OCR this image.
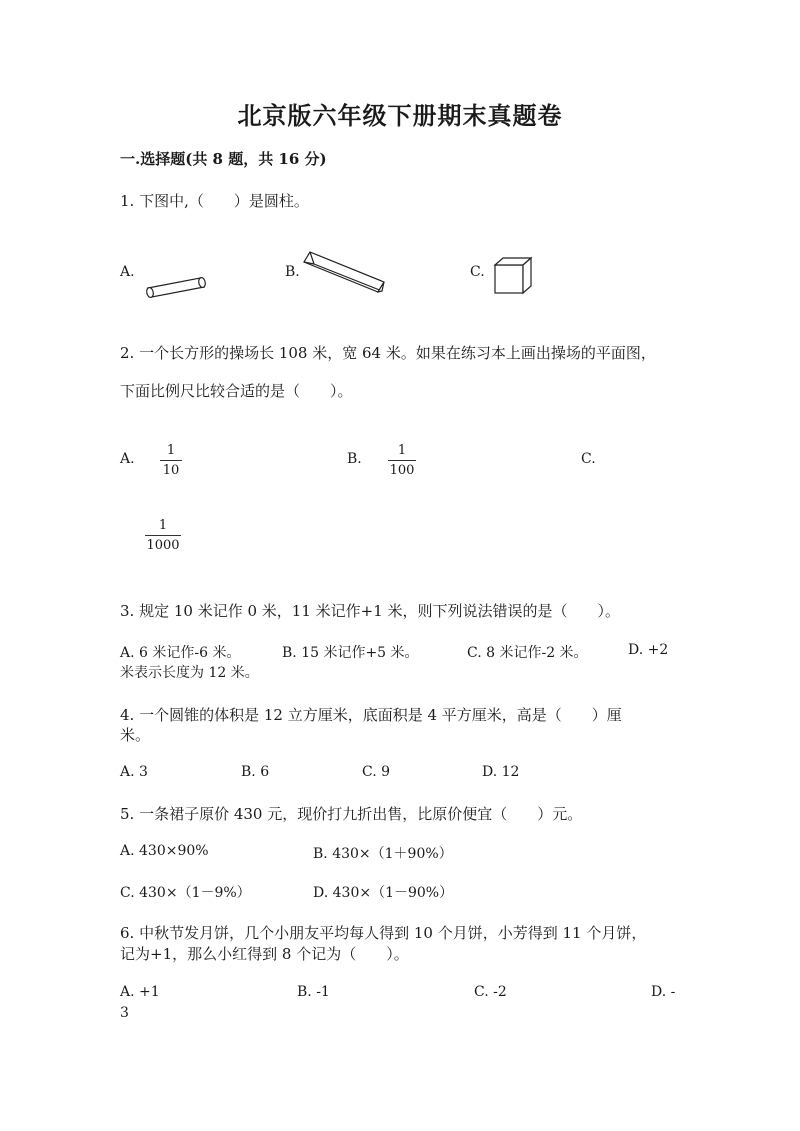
北京版六年级下册期末真题卷
一.选择题(共 8 题，共 16 分)
1. 下图中,（　　）是圆柱。
A.	B.	C.
2. 一个长方形的操场长 108 米，宽 64 米。如果在练习本上画出操场的平面图，
下面比例尺比较合适的是（　　）。
A.
1
10
B.
1
100
C.
1
1000
3. 规定 10 米记作 0 米，11 米记作+1 米，则下列说法错误的是（　　）。
A. 6 米记作-6 米。	B. 15 米记作+5 米。	C. 8 米记作-2 米。	D. +2
米表示长度为 12 米。
4. 一个圆锥的体积是 12 立方厘米，底面积是 4 平方厘米，高是（　　）厘
米。
A. 3	B. 6	C. 9	D. 12
5. 一条裙子原价 430 元，现价打九折出售，比原价便宜（　　）元。
A. 430×90%	B. 430×（1＋90%）
C. 430×（1－9%）	D. 430×（1－90%）
6. 中秋节发月饼，几个小朋友平均每人得到 10 个月饼，小芳得到 11 个月饼，
记为+1，那么小红得到 8 个记为（　　）。
A. +1	B. -1	C. -2	D. -
3
